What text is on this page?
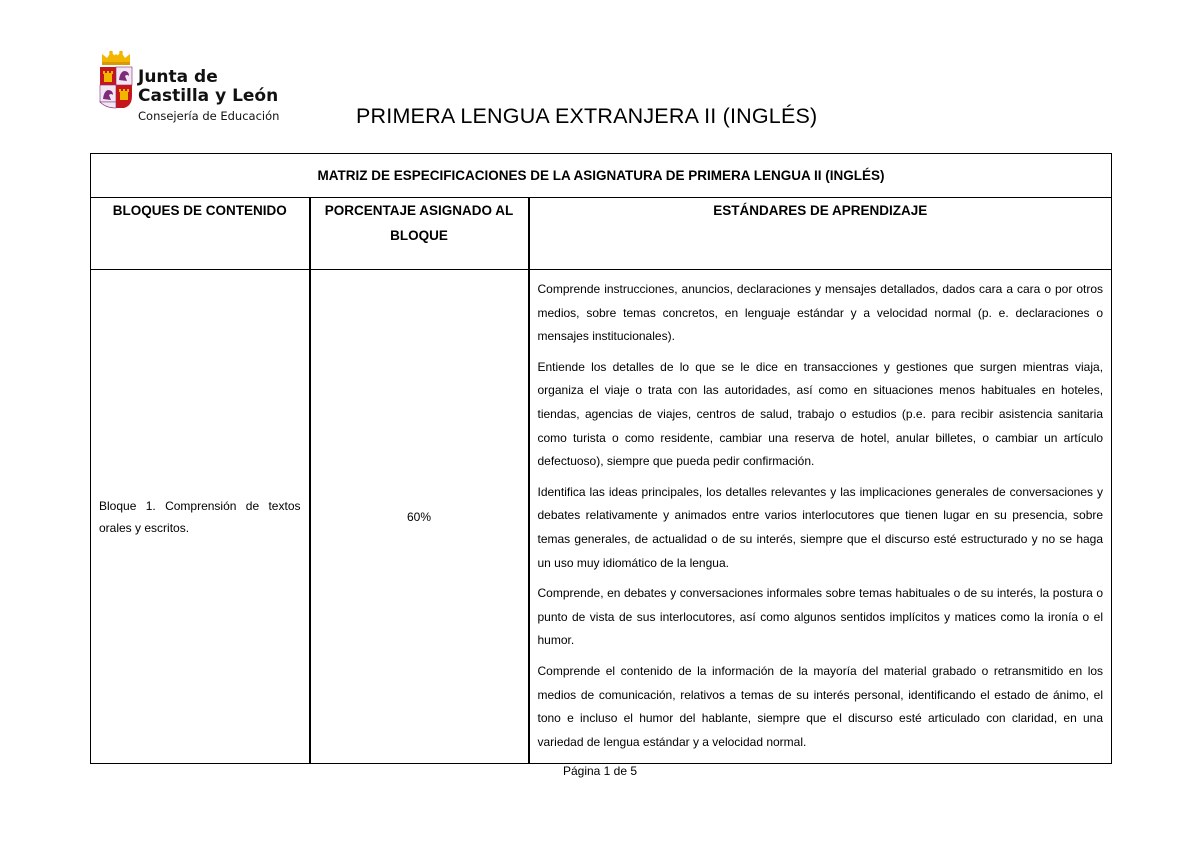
Junta de
Castilla y León
Consejería de Educación	PRIMERA LENGUA EXTRANJERA II (INGLÉS)
MATRIZ DE ESPECIFICACIONES DE LA ASIGNATURA DE PRIMERA LENGUA II (INGLÉS)		
BLOQUES DE CONTENIDO	PORCENTAJE ASIGNADO AL BLOQUE	ESTÁNDARES DE APRENDIZAJE
Bloque 1. Comprensión de textos orales y escritos.	60%	Comprende instrucciones, anuncios, declaraciones y mensajes detallados, dados cara a cara o por otros medios, sobre temas concretos, en lenguaje estándar y a velocidad normal (p. e. declaraciones o mensajes institucionales).

Entiende los detalles de lo que se le dice en transacciones y gestiones que surgen mientras viaja, organiza el viaje o trata con las autoridades, así como en situaciones menos habituales en hoteles, tiendas, agencias de viajes, centros de salud, trabajo o estudios (p.e. para recibir asistencia sanitaria como turista o como residente, cambiar una reserva de hotel, anular billetes, o cambiar un artículo defectuoso), siempre que pueda pedir confirmación.

Identifica las ideas principales, los detalles relevantes y las implicaciones generales de conversaciones y debates relativamente y animados entre varios interlocutores que tienen lugar en su presencia, sobre temas generales, de actualidad o de su interés, siempre que el discurso esté estructurado y no se haga un uso muy idiomático de la lengua.

Comprende, en debates y conversaciones informales sobre temas habituales o de su interés, la postura o punto de vista de sus interlocutores, así como algunos sentidos implícitos y matices como la ironía o el humor.

Comprende el contenido de la información de la mayoría del material grabado o retransmitido en los medios de comunicación, relativos a temas de su interés personal, identificando el estado de ánimo, el tono e incluso el humor del hablante, siempre que el discurso esté articulado con claridad, en una variedad de lengua estándar y a velocidad normal.

Página 1 de 5
